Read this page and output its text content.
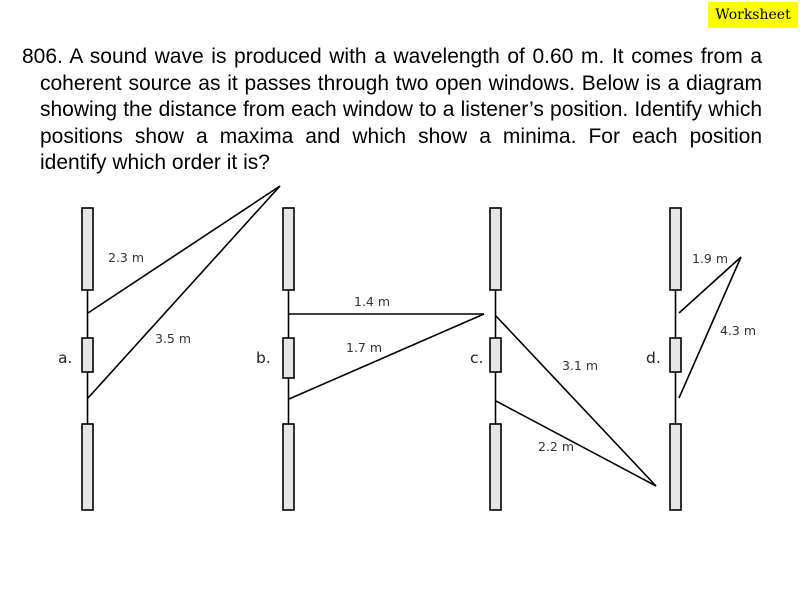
Worksheet
806. A sound wave is produced with a wavelength of 0.60 m. It comes from a coherent source as it passes through two open windows. Below is a diagram showing the distance from each window to a listener’s position. Identify which positions show a maxima and which show a minima. For each position identify which order it is?
2.3 m
3.5 m
1.4 m
1.7 m
3.1 m
2.2 m
1.9 m
4.3 m
a.	b.	c.	d.
